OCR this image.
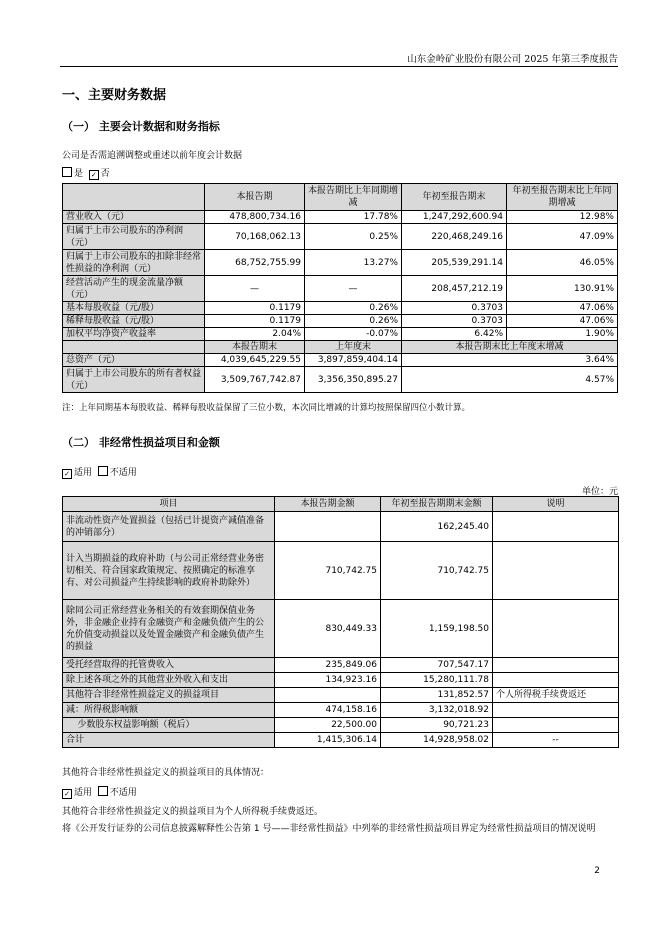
山东金岭矿业股份有限公司 2025 年第三季度报告
一、主要财务数据
（一） 主要会计数据和财务指标
公司是否需追溯调整或重述以前年度会计数据
是 ✓ 否
	本报告期	本报告期比上年同期增减	年初至报告期末	年初至报告期末比上年同期增减
营业收入（元）	478,800,734.16	17.78%	1,247,292,600.94	12.98%
归属于上市公司股东的净利润（元）	70,168,062.13	0.25%	220,468,249.16	47.09%
归属于上市公司股东的扣除非经常性损益的净利润（元）	68,752,755.99	13.27%	205,539,291.14	46.05%
经营活动产生的现金流量净额（元）	—	—	208,457,212.19	130.91%
基本每股收益（元/股）	0.1179	0.26%	0.3703	47.06%
稀释每股收益（元/股）	0.1179	0.26%	0.3703	47.06%
加权平均净资产收益率	2.04%	-0.07%	6.42%	1.90%
	本报告期末	上年度末	本报告期末比上年度末增减	
总资产（元）	4,039,645,229.55	3,897,859,404.14	3.64%	
归属于上市公司股东的所有者权益（元）	3,509,767,742.87	3,356,350,895.27	4.57%	
注：上年同期基本每股收益、稀释每股收益保留了三位小数，本次同比增减的计算均按照保留四位小数计算。
（二） 非经常性损益项目和金额
✓ 适用 不适用
单位：元
项目	本报告期金额	年初至报告期期末金额	说明
非流动性资产处置损益（包括已计提资产减值准备的冲销部分）		162,245.40	
计入当期损益的政府补助（与公司正常经营业务密切相关、符合国家政策规定、按照确定的标准享有、对公司损益产生持续影响的政府补助除外）	710,742.75	710,742.75	
除同公司正常经营业务相关的有效套期保值业务外，非金融企业持有金融资产和金融负债产生的公允价值变动损益以及处置金融资产和金融负债产生的损益	830,449.33	1,159,198.50	
受托经营取得的托管费收入	235,849.06	707,547.17	
除上述各项之外的其他营业外收入和支出	134,923.16	15,280,111.78	
其他符合非经常性损益定义的损益项目		131,852.57	个人所得税手续费返还
减：所得税影响额	474,158.16	3,132,018.92	
少数股东权益影响额（税后）	22,500.00	90,721.23	
合计	1,415,306.14	14,928,958.02	--
其他符合非经常性损益定义的损益项目的具体情况：
✓ 适用 不适用
其他符合非经常性损益定义的损益项目为个人所得税手续费返还。
将《公开发行证券的公司信息披露解释性公告第 1 号——非经常性损益》中列举的非经常性损益项目界定为经常性损益项目的情况说明
2
